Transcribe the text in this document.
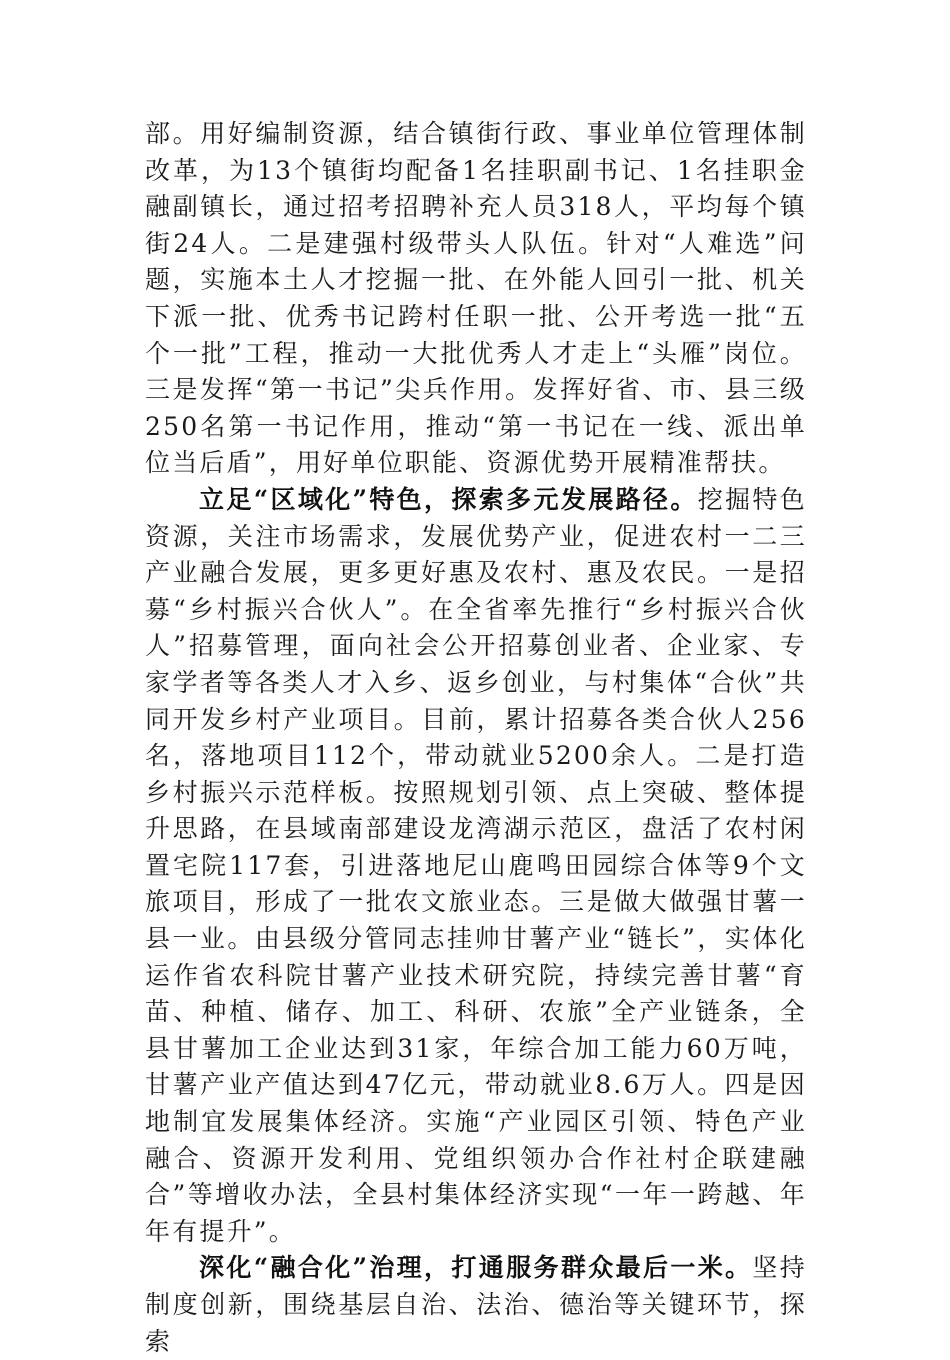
部。用好编制资源，结合镇街行政、事业单位管理体制改革，为13个镇街均配备1名挂职副书记、1名挂职金融副镇长，通过招考招聘补充人员318人，平均每个镇街24人。二是建强村级带头人队伍。针对“人难选”问题，实施本土人才挖掘一批、在外能人回引一批、机关下派一批、优秀书记跨村任职一批、公开考选一批“五个一批”工程，推动一大批优秀人才走上“头雁”岗位。三是发挥“第一书记”尖兵作用。发挥好省、市、县三级250名第一书记作用，推动“第一书记在一线、派出单位当后盾”，用好单位职能、资源优势开展精准帮扶。

立足“区域化”特色，探索多元发展路径。挖掘特色资源，关注市场需求，发展优势产业，促进农村一二三产业融合发展，更多更好惠及农村、惠及农民。一是招募“乡村振兴合伙人”。在全省率先推行“乡村振兴合伙人”招募管理，面向社会公开招募创业者、企业家、专家学者等各类人才入乡、返乡创业，与村集体“合伙”共同开发乡村产业项目。目前，累计招募各类合伙人256名，落地项目112个，带动就业5200余人。二是打造乡村振兴示范样板。按照规划引领、点上突破、整体提升思路，在县域南部建设龙湾湖示范区，盘活了农村闲置宅院117套，引进落地尼山鹿鸣田园综合体等9个文旅项目，形成了一批农文旅业态。三是做大做强甘薯一县一业。由县级分管同志挂帅甘薯产业“链长”，实体化运作省农科院甘薯产业技术研究院，持续完善甘薯“育苗、种植、储存、加工、科研、农旅”全产业链条，全县甘薯加工企业达到31家，年综合加工能力60万吨，甘薯产业产值达到47亿元，带动就业8.6万人。四是因地制宜发展集体经济。实施“产业园区引领、特色产业融合、资源开发利用、党组织领办合作社村企联建融合”等增收办法，全县村集体经济实现“一年一跨越、年年有提升”。

深化“融合化”治理，打通服务群众最后一米。坚持制度创新，围绕基层自治、法治、德治等关键环节，探索
